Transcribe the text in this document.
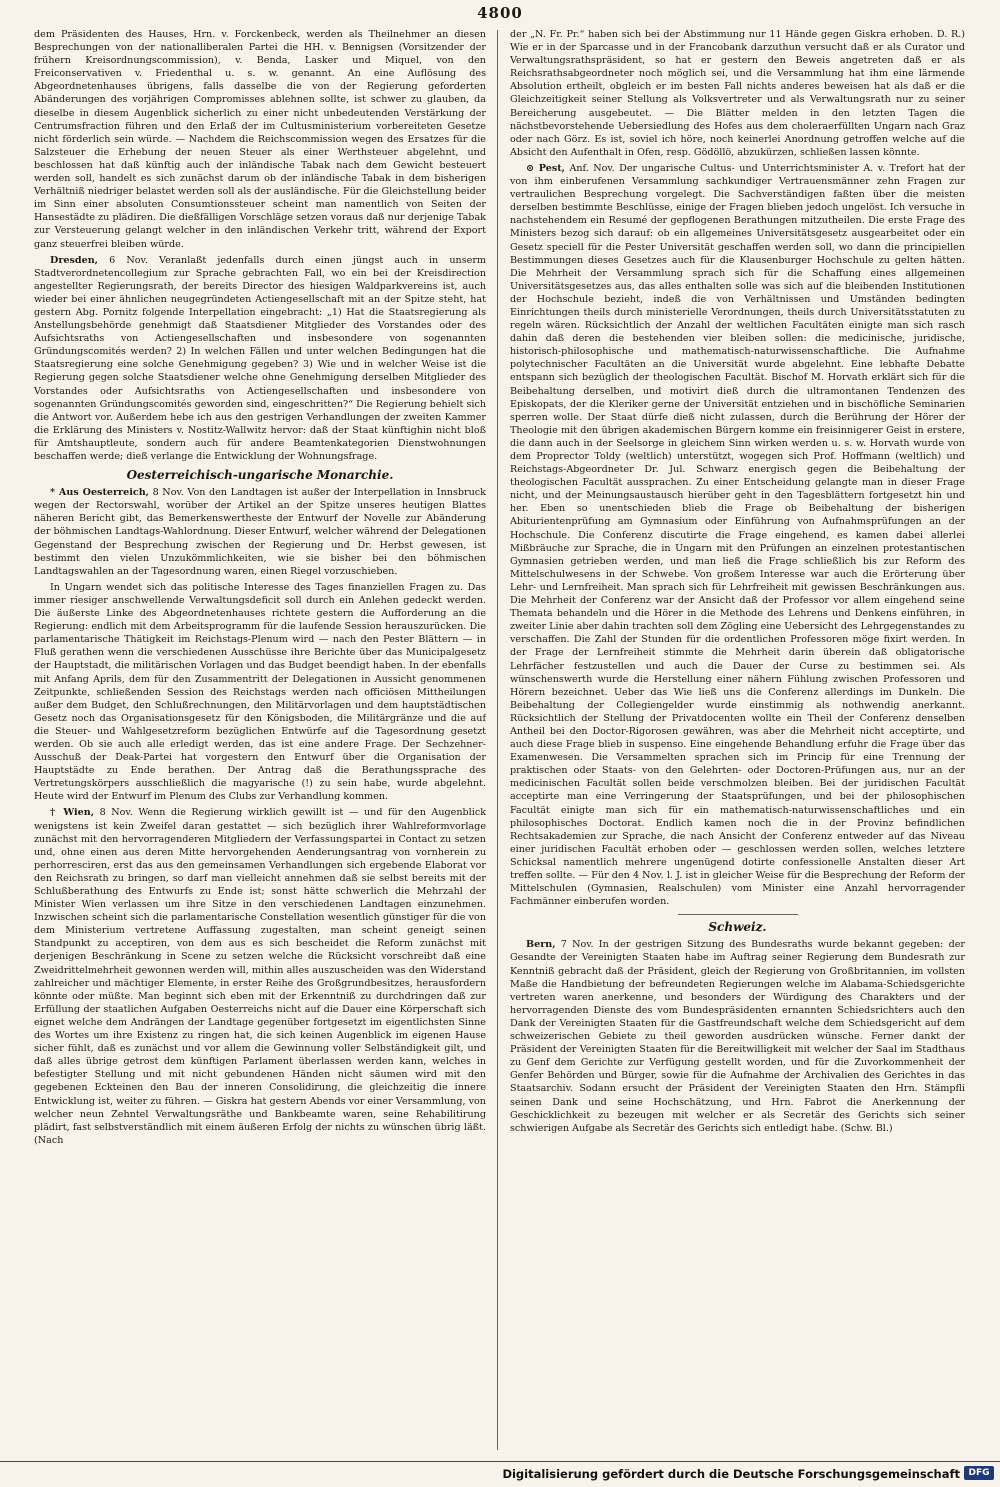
4800

dem Präsidenten des Hauses, Hrn. v. Forckenbeck, werden als Theilnehmer an diesen Besprechungen von der nationalliberalen Partei die HH. v. Bennigsen (Vorsitzender der frühern Kreisordnungscommission), v. Benda, Lasker und Miquel, von den Freiconservativen v. Friedenthal u. s. w. genannt. An eine Auflösung des Abgeordnetenhauses übrigens, falls dasselbe die von der Regierung geforderten Abänderungen des vorjährigen Compromisses ablehnen sollte, ist schwer zu glauben, da dieselbe in diesem Augenblick sicherlich zu einer nicht unbedeutenden Verstärkung der Centrumsfraction führen und den Erlaß der im Cultusministerium vorbereiteten Gesetze nicht förderlich sein würde. — Nachdem die Reichscommission wegen des Ersatzes für die Salzsteuer die Erhebung der neuen Steuer als einer Werthsteuer abgelehnt, und beschlossen hat daß künftig auch der inländische Tabak nach dem Gewicht besteuert werden soll, handelt es sich zunächst darum ob der inländische Tabak in dem bisherigen Verhältniß niedriger belastet werden soll als der ausländische. Für die Gleichstellung beider im Sinn einer absoluten Consumtionssteuer scheint man namentlich von Seiten der Hansestädte zu plädiren. Die dießfälligen Vorschläge setzen voraus daß nur derjenige Tabak zur Versteuerung gelangt welcher in den inländischen Verkehr tritt, während der Export ganz steuerfrei bleiben würde.

Dresden, 6 Nov. Veranlaßt jedenfalls durch einen jüngst auch in unserm Stadtverordnetencollegium zur Sprache gebrachten Fall, wo ein bei der Kreisdirection angestellter Regierungsrath, der bereits Director des hiesigen Waldparkvereins ist, auch wieder bei einer ähnlichen neugegründeten Actiengesellschaft mit an der Spitze steht, hat gestern Abg. Pornitz folgende Interpellation eingebracht: „1) Hat die Staatsregierung als Anstellungsbehörde genehmigt daß Staatsdiener Mitglieder des Vorstandes oder des Aufsichtsraths von Actiengesellschaften und insbesondere von sogenannten Gründungscomités werden? 2) In welchen Fällen und unter welchen Bedingungen hat die Staatsregierung eine solche Genehmigung gegeben? 3) Wie und in welcher Weise ist die Regierung gegen solche Staatsdiener welche ohne Genehmigung derselben Mitglieder des Vorstandes oder Aufsichtsraths von Actiengesellschaften und insbesondere von sogenannten Gründungscomités geworden sind, eingeschritten?“ Die Regierung behielt sich die Antwort vor. Außerdem hebe ich aus den gestrigen Verhandlungen der zweiten Kammer die Erklärung des Ministers v. Nostitz-Wallwitz hervor: daß der Staat künftighin nicht bloß für Amtshauptleute, sondern auch für andere Beamtenkategorien Dienstwohnungen beschaffen werde; dieß verlange die Entwicklung der Wohnungsfrage.

Oesterreichisch-ungarische Monarchie.

* Aus Oesterreich, 8 Nov. Von den Landtagen ist außer der Interpellation in Innsbruck wegen der Rectorswahl, worüber der Artikel an der Spitze unseres heutigen Blattes näheren Bericht gibt, das Bemerkenswertheste der Entwurf der Novelle zur Abänderung der böhmischen Landtags-Wahlordnung. Dieser Entwurf, welcher während der Delegationen Gegenstand der Besprechung zwischen der Regierung und Dr. Herbst gewesen, ist bestimmt den vielen Unzukömmlichkeiten, wie sie bisher bei den böhmischen Landtagswahlen an der Tagesordnung waren, einen Riegel vorzuschieben.

In Ungarn wendet sich das politische Interesse des Tages finanziellen Fragen zu. Das immer riesiger anschwellende Verwaltungsdeficit soll durch ein Anlehen gedeckt werden. Die äußerste Linke des Abgeordnetenhauses richtete gestern die Aufforderung an die Regierung: endlich mit dem Arbeitsprogramm für die laufende Session herauszurücken. Die parlamentarische Thätigkeit im Reichstags-Plenum wird — nach den Pester Blättern — in Fluß gerathen wenn die verschiedenen Ausschüsse ihre Berichte über das Municipalgesetz der Hauptstadt, die militärischen Vorlagen und das Budget beendigt haben. In der ebenfalls mit Anfang Aprils, dem für den Zusammentritt der Delegationen in Aussicht genommenen Zeitpunkte, schließenden Session des Reichstags werden nach officiösen Mittheilungen außer dem Budget, den Schlußrechnungen, den Militärvorlagen und dem hauptstädtischen Gesetz noch das Organisationsgesetz für den Königsboden, die Militärgränze und die auf die Steuer- und Wahlgesetzreform bezüglichen Entwürfe auf die Tagesordnung gesetzt werden. Ob sie auch alle erledigt werden, das ist eine andere Frage. Der Sechzehner-Ausschuß der Deak-Partei hat vorgestern den Entwurf über die Organisation der Hauptstädte zu Ende berathen. Der Antrag daß die Berathungssprache des Vertretungskörpers ausschließlich die magyarische (!) zu sein habe, wurde abgelehnt. Heute wird der Entwurf im Plenum des Clubs zur Verhandlung kommen.

† Wien, 8 Nov. Wenn die Regierung wirklich gewillt ist — und für den Augenblick wenigstens ist kein Zweifel daran gestattet — sich bezüglich ihrer Wahlreformvorlage zunächst mit den hervorragenderen Mitgliedern der Verfassungspartei in Contact zu setzen und, ohne einen aus deren Mitte hervorgehenden Aenderungsantrag von vornherein zu perhorresciren, erst das aus den gemeinsamen Verhandlungen sich ergebende Elaborat vor den Reichsrath zu bringen, so darf man vielleicht annehmen daß sie selbst bereits mit der Schlußberathung des Entwurfs zu Ende ist; sonst hätte schwerlich die Mehrzahl der Minister Wien verlassen um ihre Sitze in den verschiedenen Landtagen einzunehmen. Inzwischen scheint sich die parlamentarische Constellation wesentlich günstiger für die von dem Ministerium vertretene Auffassung zugestalten, man scheint geneigt seinen Standpunkt zu acceptiren, von dem aus es sich bescheidet die Reform zunächst mit derjenigen Beschränkung in Scene zu setzen welche die Rücksicht vorschreibt daß eine Zweidrittelmehrheit gewonnen werden will, mithin alles auszuscheiden was den Widerstand zahlreicher und mächtiger Elemente, in erster Reihe des Großgrundbesitzes, herausfordern könnte oder müßte. Man beginnt sich eben mit der Erkenntniß zu durchdringen daß zur Erfüllung der staatlichen Aufgaben Oesterreichs nicht auf die Dauer eine Körperschaft sich eignet welche dem Andrängen der Landtage gegenüber fortgesetzt im eigentlichsten Sinne des Wortes um ihre Existenz zu ringen hat, die sich keinen Augenblick im eigenen Hause sicher fühlt, daß es zunächst und vor allem die Gewinnung voller Selbständigkeit gilt, und daß alles übrige getrost dem künftigen Parlament überlassen werden kann, welches in befestigter Stellung und mit nicht gebundenen Händen nicht säumen wird mit den gegebenen Eckteinen den Bau der inneren Consolidirung, die gleichzeitig die innere Entwicklung ist, weiter zu führen. — Giskra hat gestern Abends vor einer Versammlung, von welcher neun Zehntel Verwaltungsräthe und Bankbeamte waren, seine Rehabilitirung plädirt, fast selbstverständlich mit einem äußeren Erfolg der nichts zu wünschen übrig läßt. (Nach

der „N. Fr. Pr.“ haben sich bei der Abstimmung nur 11 Hände gegen Giskra erhoben. D. R.) Wie er in der Sparcasse und in der Francobank darzuthun versucht daß er als Curator und Verwaltungsrathspräsident, so hat er gestern den Beweis angetreten daß er als Reichsrathsabgeordneter noch möglich sei, und die Versammlung hat ihm eine lärmende Absolution ertheilt, obgleich er im besten Fall nichts anderes beweisen hat als daß er die Gleichzeitigkeit seiner Stellung als Volksvertreter und als Verwaltungsrath nur zu seiner Bereicherung ausgebeutet. — Die Blätter melden in den letzten Tagen die nächstbevorstehende Uebersiedlung des Hofes aus dem choleraerfüllten Ungarn nach Graz oder nach Görz. Es ist, soviel ich höre, noch keinerlei Anordnung getroffen welche auf die Absicht den Aufenthalt in Ofen, resp. Gödöllö, abzukürzen, schließen lassen könnte.

⊙ Pest, Anf. Nov. Der ungarische Cultus- und Unterrichtsminister A. v. Trefort hat der von ihm einberufenen Versammlung sachkundiger Vertrauensmänner zehn Fragen zur vertraulichen Besprechung vorgelegt. Die Sachverständigen faßten über die meisten derselben bestimmte Beschlüsse, einige der Fragen blieben jedoch ungelöst. Ich versuche in nachstehendem ein Resumé der gepflogenen Berathungen mitzutheilen. Die erste Frage des Ministers bezog sich darauf: ob ein allgemeines Universitätsgesetz ausgearbeitet oder ein Gesetz speciell für die Pester Universität geschaffen werden soll, wo dann die principiellen Bestimmungen dieses Gesetzes auch für die Klausenburger Hochschule zu gelten hätten. Die Mehrheit der Versammlung sprach sich für die Schaffung eines allgemeinen Universitätsgesetzes aus, das alles enthalten solle was sich auf die bleibenden Institutionen der Hochschule bezieht, indeß die von Verhältnissen und Umständen bedingten Einrichtungen theils durch ministerielle Verordnungen, theils durch Universitätsstatuten zu regeln wären. Rücksichtlich der Anzahl der weltlichen Facultäten einigte man sich rasch dahin daß deren die bestehenden vier bleiben sollen: die medicinische, juridische, historisch-philosophische und mathematisch-naturwissenschaftliche. Die Aufnahme polytechnischer Facultäten an die Universität wurde abgelehnt. Eine lebhafte Debatte entspann sich bezüglich der theologischen Facultät. Bischof M. Horvath erklärt sich für die Beibehaltung derselben, und motivirt dieß durch die ultramontanen Tendenzen des Episkopats, der die Kleriker gerne der Universität entziehen und in bischöfliche Seminarien sperren wolle. Der Staat dürfe dieß nicht zulassen, durch die Berührung der Hörer der Theologie mit den übrigen akademischen Bürgern komme ein freisinnigerer Geist in erstere, die dann auch in der Seelsorge in gleichem Sinn wirken werden u. s. w. Horvath wurde von dem Proprector Toldy (weltlich) unterstützt, wogegen sich Prof. Hoffmann (weltlich) und Reichstags-Abgeordneter Dr. Jul. Schwarz energisch gegen die Beibehaltung der theologischen Facultät aussprachen. Zu einer Entscheidung gelangte man in dieser Frage nicht, und der Meinungsaustausch hierüber geht in den Tagesblättern fortgesetzt hin und her. Eben so unentschieden blieb die Frage ob Beibehaltung der bisherigen Abiturientenprüfung am Gymnasium oder Einführung von Aufnahmsprüfungen an der Hochschule. Die Conferenz discutirte die Frage eingehend, es kamen dabei allerlei Mißbräuche zur Sprache, die in Ungarn mit den Prüfungen an einzelnen protestantischen Gymnasien getrieben werden, und man ließ die Frage schließlich bis zur Reform des Mittelschulwesens in der Schwebe. Von großem Interesse war auch die Erörterung über Lehr- und Lernfreiheit. Man sprach sich für Lehrfreiheit mit gewissen Beschränkungen aus. Die Mehrheit der Conferenz war der Ansicht daß der Professor vor allem eingehend seine Themata behandeln und die Hörer in die Methode des Lehrens und Denkens einführen, in zweiter Linie aber dahin trachten soll dem Zögling eine Uebersicht des Lehrgegenstandes zu verschaffen. Die Zahl der Stunden für die ordentlichen Professoren möge fixirt werden. In der Frage der Lernfreiheit stimmte die Mehrheit darin überein daß obligatorische Lehrfächer festzustellen und auch die Dauer der Curse zu bestimmen sei. Als wünschenswerth wurde die Herstellung einer nähern Fühlung zwischen Professoren und Hörern bezeichnet. Ueber das Wie ließ uns die Conferenz allerdings im Dunkeln. Die Beibehaltung der Collegiengelder wurde einstimmig als nothwendig anerkannt. Rücksichtlich der Stellung der Privatdocenten wollte ein Theil der Conferenz denselben Antheil bei den Doctor-Rigorosen gewähren, was aber die Mehrheit nicht acceptirte, und auch diese Frage blieb in suspenso. Eine eingehende Behandlung erfuhr die Frage über das Examenwesen. Die Versammelten sprachen sich im Princip für eine Trennung der praktischen oder Staats- von den Gelehrten- oder Doctoren-Prüfungen aus, nur an der medicinischen Facultät sollen beide verschmolzen bleiben. Bei der juridischen Facultät acceptirte man eine Verringerung der Staatsprüfungen, und bei der philosophischen Facultät einigte man sich für ein mathematisch-naturwissenschaftliches und ein philosophisches Doctorat. Endlich kamen noch die in der Provinz befindlichen Rechtsakademien zur Sprache, die nach Ansicht der Conferenz entweder auf das Niveau einer juridischen Facultät erhoben oder — geschlossen werden sollen, welches letztere Schicksal namentlich mehrere ungenügend dotirte confessionelle Anstalten dieser Art treffen sollte. — Für den 4 Nov. l. J. ist in gleicher Weise für die Besprechung der Reform der Mittelschulen (Gymnasien, Realschulen) vom Minister eine Anzahl hervorragender Fachmänner einberufen worden.

Schweiz.

Bern, 7 Nov. In der gestrigen Sitzung des Bundesraths wurde bekannt gegeben: der Gesandte der Vereinigten Staaten habe im Auftrag seiner Regierung dem Bundesrath zur Kenntniß gebracht daß der Präsident, gleich der Regierung von Großbritannien, im vollsten Maße die Handbietung der befreundeten Regierungen welche im Alabama-Schiedsgerichte vertreten waren anerkenne, und besonders der Würdigung des Charakters und der hervorragenden Dienste des vom Bundespräsidenten ernannten Schiedsrichters auch den Dank der Vereinigten Staaten für die Gastfreundschaft welche dem Schiedsgericht auf dem schweizerischen Gebiete zu theil geworden ausdrücken wünsche. Ferner dankt der Präsident der Vereinigten Staaten für die Bereitwilligkeit mit welcher der Saal im Stadthaus zu Genf dem Gerichte zur Verfügung gestellt worden, und für die Zuvorkommenheit der Genfer Behörden und Bürger, sowie für die Aufnahme der Archivalien des Gerichtes in das Staatsarchiv. Sodann ersucht der Präsident der Vereinigten Staaten den Hrn. Stämpfli seinen Dank und seine Hochschätzung, und Hrn. Fabrot die Anerkennung der Geschicklichkeit zu bezeugen mit welcher er als Secretär des Gerichts sich seiner schwierigen Aufgabe als Secretär des Gerichts sich entledigt habe. (Schw. Bl.)

Digitalisierung gefördert durch die Deutsche Forschungsgemeinschaft DFG
